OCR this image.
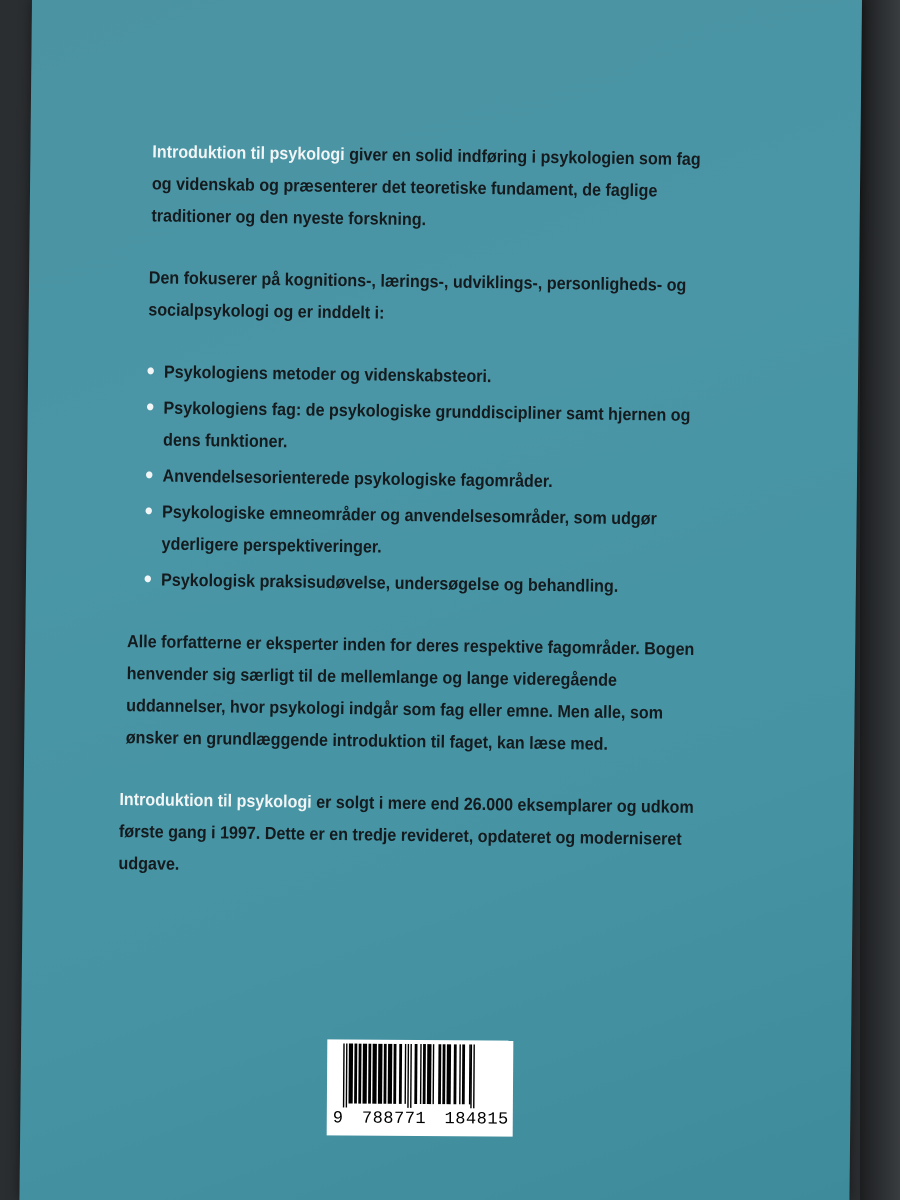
Introduktion til psykologi giver en solid indføring i psykologien som fag og videnskab og præsenterer det teoretiske fundament, de faglige traditioner og den nyeste forskning.

Den fokuserer på kognitions-, lærings-, udviklings-, personligheds- og socialpsykologi og er inddelt i:

Psykologiens metoder og videnskabsteori.
Psykologiens fag: de psykologiske grunddiscipliner samt hjernen og dens funktioner.
Anvendelsesorienterede psykologiske fagområder.
Psykologiske emneområder og anvendelsesområder, som udgør yderligere perspektiveringer.
Psykologisk praksisudøvelse, undersøgelse og behandling.

Alle forfatterne er eksperter inden for deres respektive fagområder. Bogen henvender sig særligt til de mellemlange og lange videregående uddannelser, hvor psykologi indgår som fag eller emne. Men alle, som ønsker en grundlæggende introduktion til faget, kan læse med.

Introduktion til psykologi er solgt i mere end 26.000 eksemplarer og udkom første gang i 1997. Dette er en tredje revideret, opdateret og moderniseret udgave.

9 788771 184815
